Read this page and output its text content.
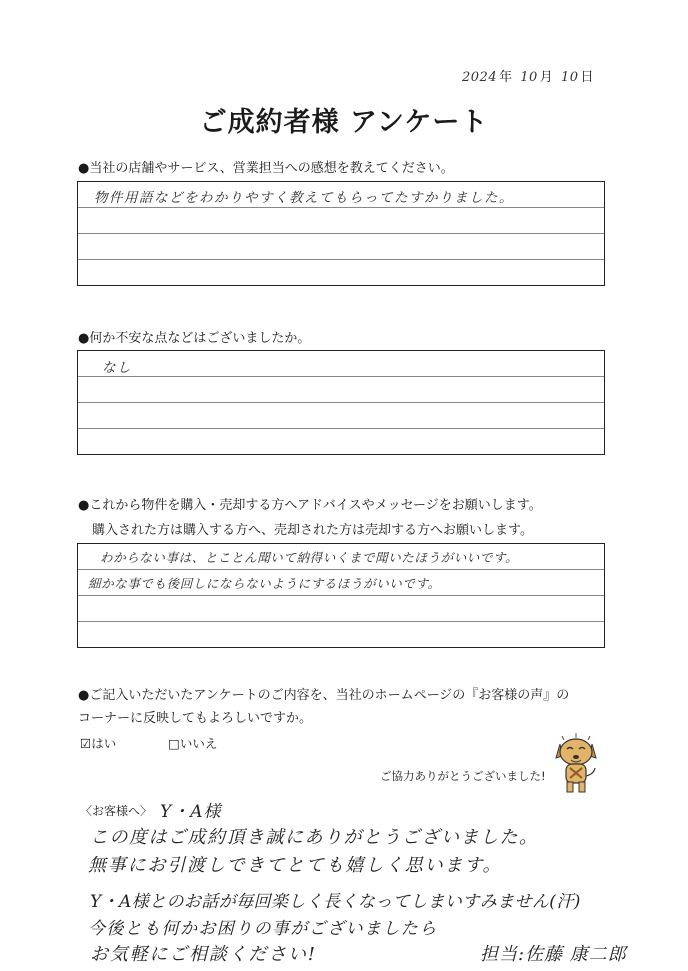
2024 年 10 月 10 日
ご成約者様 アンケート
●当社の店舗やサービス、営業担当への感想を教えてください。
物件用語などをわかりやすく教えてもらってたすかりました。
●何か不安な点などはございましたか。
なし
●これから物件を購入・売却する方へアドバイスやメッセージをお願いします。
購入された方は購入する方へ、売却された方は売却する方へお願いします。
わからない事は、とことん聞いて納得いくまで聞いたほうがいいです。
細かな事でも後回しにならないようにするほうがいいです。
●ご記入いただいたアンケートのご内容を、当社のホームページの『お客様の声』の
コーナーに反映してもよろしいですか。
☑はい	□いいえ
ご協力ありがとうございました!
〈お客様へ〉 Y・A様
この度はご成約頂き誠にありがとうございました。
無事にお引渡しできてとても嬉しく思います。
Y・A様とのお話が毎回楽しく長くなってしまいすみません(汗)
今後とも何かお困りの事がございましたら
お気軽にご相談ください!	担当:佐藤 康二郎
